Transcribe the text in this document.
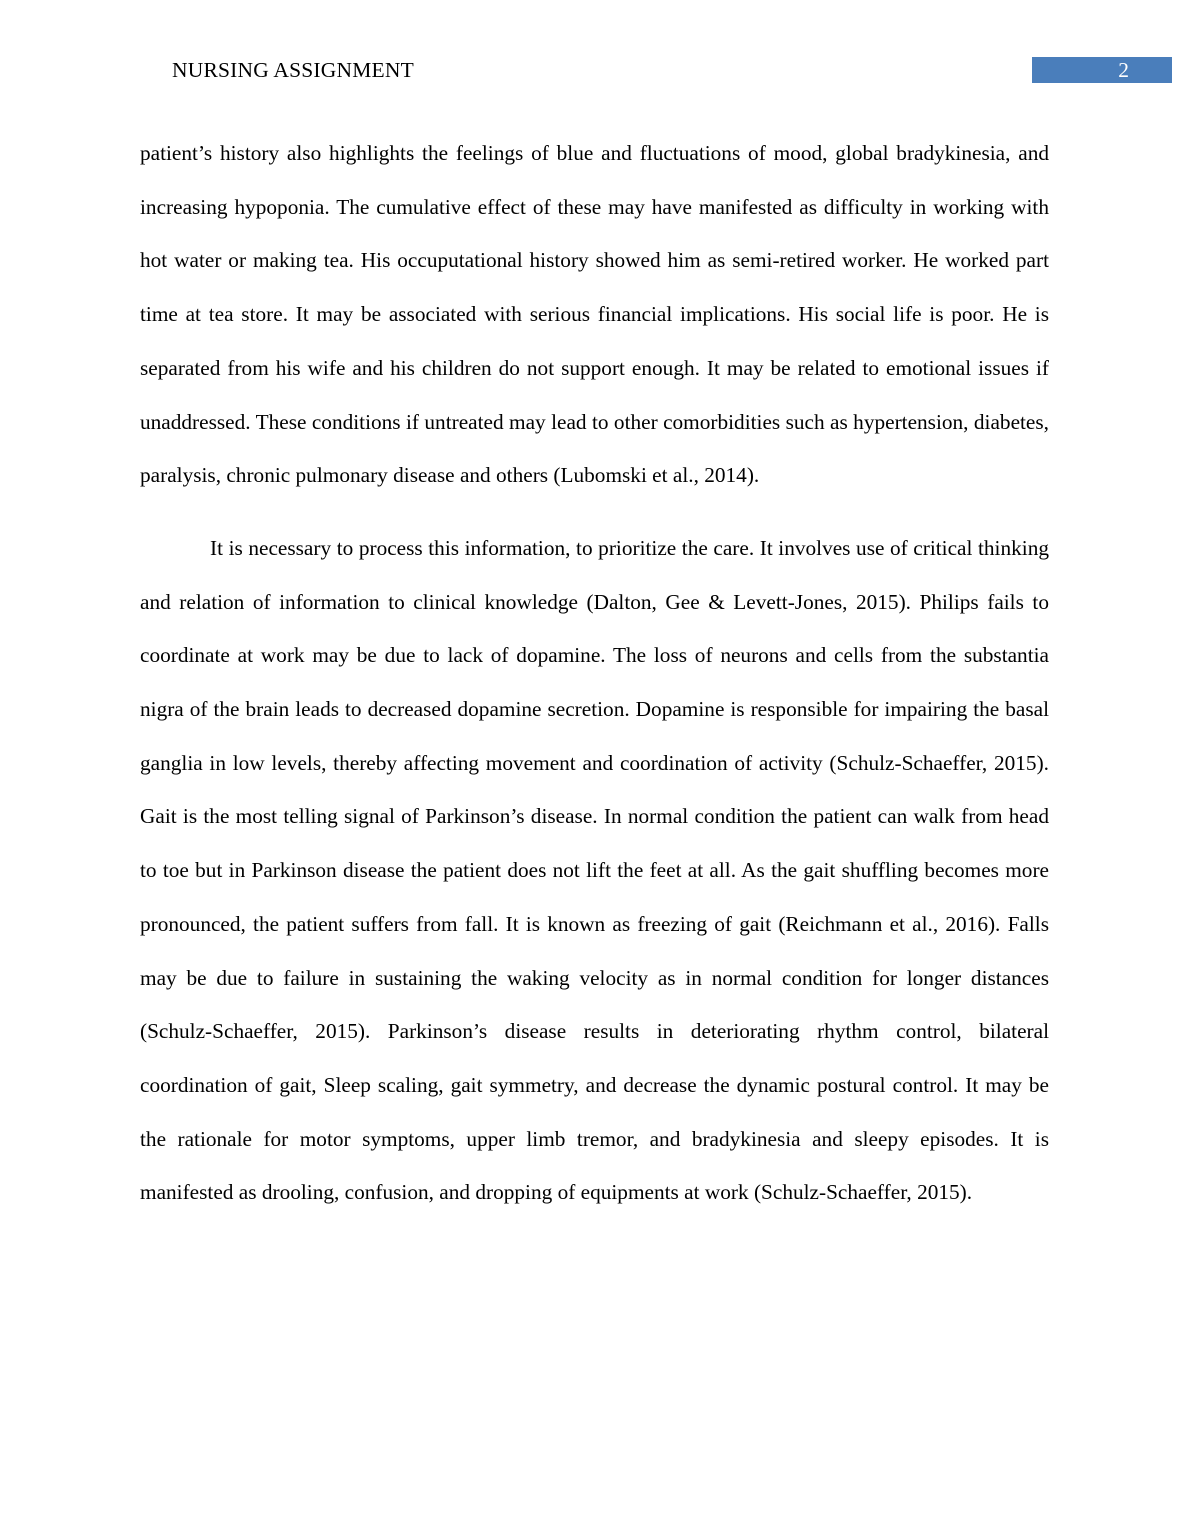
NURSING ASSIGNMENT	2

patient’s history also highlights the feelings of blue and fluctuations of mood, global bradykinesia, and increasing hypoponia. The cumulative effect of these may have manifested as difficulty in working with hot water or making tea. His occuputational history showed him as semi-retired worker. He worked part time at tea store. It may be associated with serious financial implications. His social life is poor. He is separated from his wife and his children do not support enough. It may be related to emotional issues if unaddressed. These conditions if untreated may lead to other comorbidities such as hypertension, diabetes, paralysis, chronic pulmonary disease and others (Lubomski et al., 2014).

It is necessary to process this information, to prioritize the care. It involves use of critical thinking and relation of information to clinical knowledge (Dalton, Gee & Levett-Jones, 2015). Philips fails to coordinate at work may be due to lack of dopamine. The loss of neurons and cells from the substantia nigra of the brain leads to decreased dopamine secretion. Dopamine is responsible for impairing the basal ganglia in low levels, thereby affecting movement and coordination of activity (Schulz-Schaeffer, 2015). Gait is the most telling signal of Parkinson’s disease. In normal condition the patient can walk from head to toe but in Parkinson disease the patient does not lift the feet at all. As the gait shuffling becomes more pronounced, the patient suffers from fall. It is known as freezing of gait (Reichmann et al., 2016). Falls may be due to failure in sustaining the waking velocity as in normal condition for longer distances (Schulz-Schaeffer, 2015). Parkinson’s disease results in deteriorating rhythm control, bilateral coordination of gait, Sleep scaling, gait symmetry, and decrease the dynamic postural control. It may be the rationale for motor symptoms, upper limb tremor, and bradykinesia and sleepy episodes. It is manifested as drooling, confusion, and dropping of equipments at work (Schulz-Schaeffer, 2015).
